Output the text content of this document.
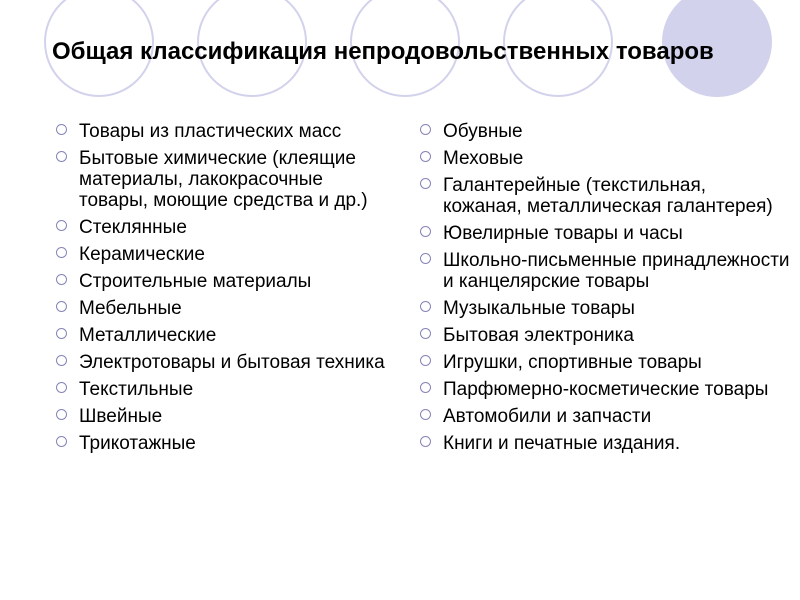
Общая классификация непродовольственных товаров
Товары из пластических масс
Бытовые химические (клеящие материалы, лакокрасочные товары, моющие средства и др.)
Стеклянные
Керамические
Строительные материалы
Мебельные
Металлические
Электротовары и бытовая техника
Текстильные
Швейные
Трикотажные
Обувные
Меховые
Галантерейные (текстильная, кожаная, металлическая галантерея)
Ювелирные товары и часы
Школьно-письменные принадлежности и канцелярские товары
Музыкальные товары
Бытовая электроника
Игрушки, спортивные товары
Парфюмерно-косметические товары
Автомобили и запчасти
Книги и печатные издания.
